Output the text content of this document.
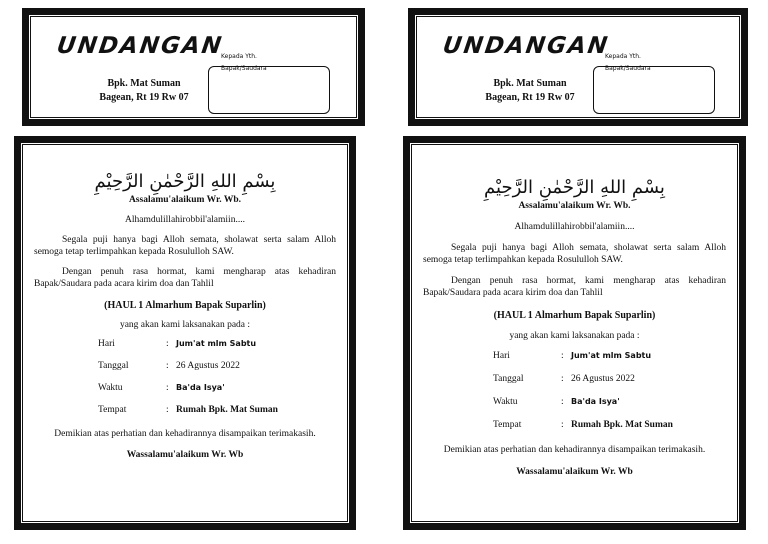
UNDANGAN
Bpk. Mat Suman
Bagean, Rt 19 Rw 07
Kepada Yth.
Bapak/Saudara
UNDANGAN
Bpk. Mat Suman
Bagean, Rt 19 Rw 07
Kepada Yth.
Bapak/Saudara
بِسْمِ اللهِ الرَّحْمٰنِ الرَّحِيْمِ
Assalamu'alaikum Wr. Wb.
Alhamdulillahirobbil'alamiin....
Segala puji hanya bagi Alloh semata, sholawat serta salam Alloh semoga tetap terlimpahkan kepada Rosululloh SAW.
Dengan penuh rasa hormat, kami mengharap atas kehadiran Bapak/Saudara pada acara kirim doa dan Tahlil
(HAUL 1 Almarhum Bapak Suparlin)
yang akan kami laksanakan pada :
Hari	: Jum'at mlm Sabtu
Tanggal	: 26 Agustus 2022
Waktu	: Ba'da Isya'
Tempat	: Rumah Bpk. Mat Suman
Demikian atas perhatian dan kehadirannya disampaikan terimakasih.
Wassalamu'alaikum Wr. Wb
بِسْمِ اللهِ الرَّحْمٰنِ الرَّحِيْمِ
Assalamu'alaikum Wr. Wb.
Alhamdulillahirobbil'alamiin....
Segala puji hanya bagi Alloh semata, sholawat serta salam Alloh semoga tetap terlimpahkan kepada Rosululloh SAW.
Dengan penuh rasa hormat, kami mengharap atas kehadiran Bapak/Saudara pada acara kirim doa dan Tahlil
(HAUL 1 Almarhum Bapak Suparlin)
yang akan kami laksanakan pada :
Hari	: Jum'at mlm Sabtu
Tanggal	: 26 Agustus 2022
Waktu	: Ba'da Isya'
Tempat	: Rumah Bpk. Mat Suman
Demikian atas perhatian dan kehadirannya disampaikan terimakasih.
Wassalamu'alaikum Wr. Wb
